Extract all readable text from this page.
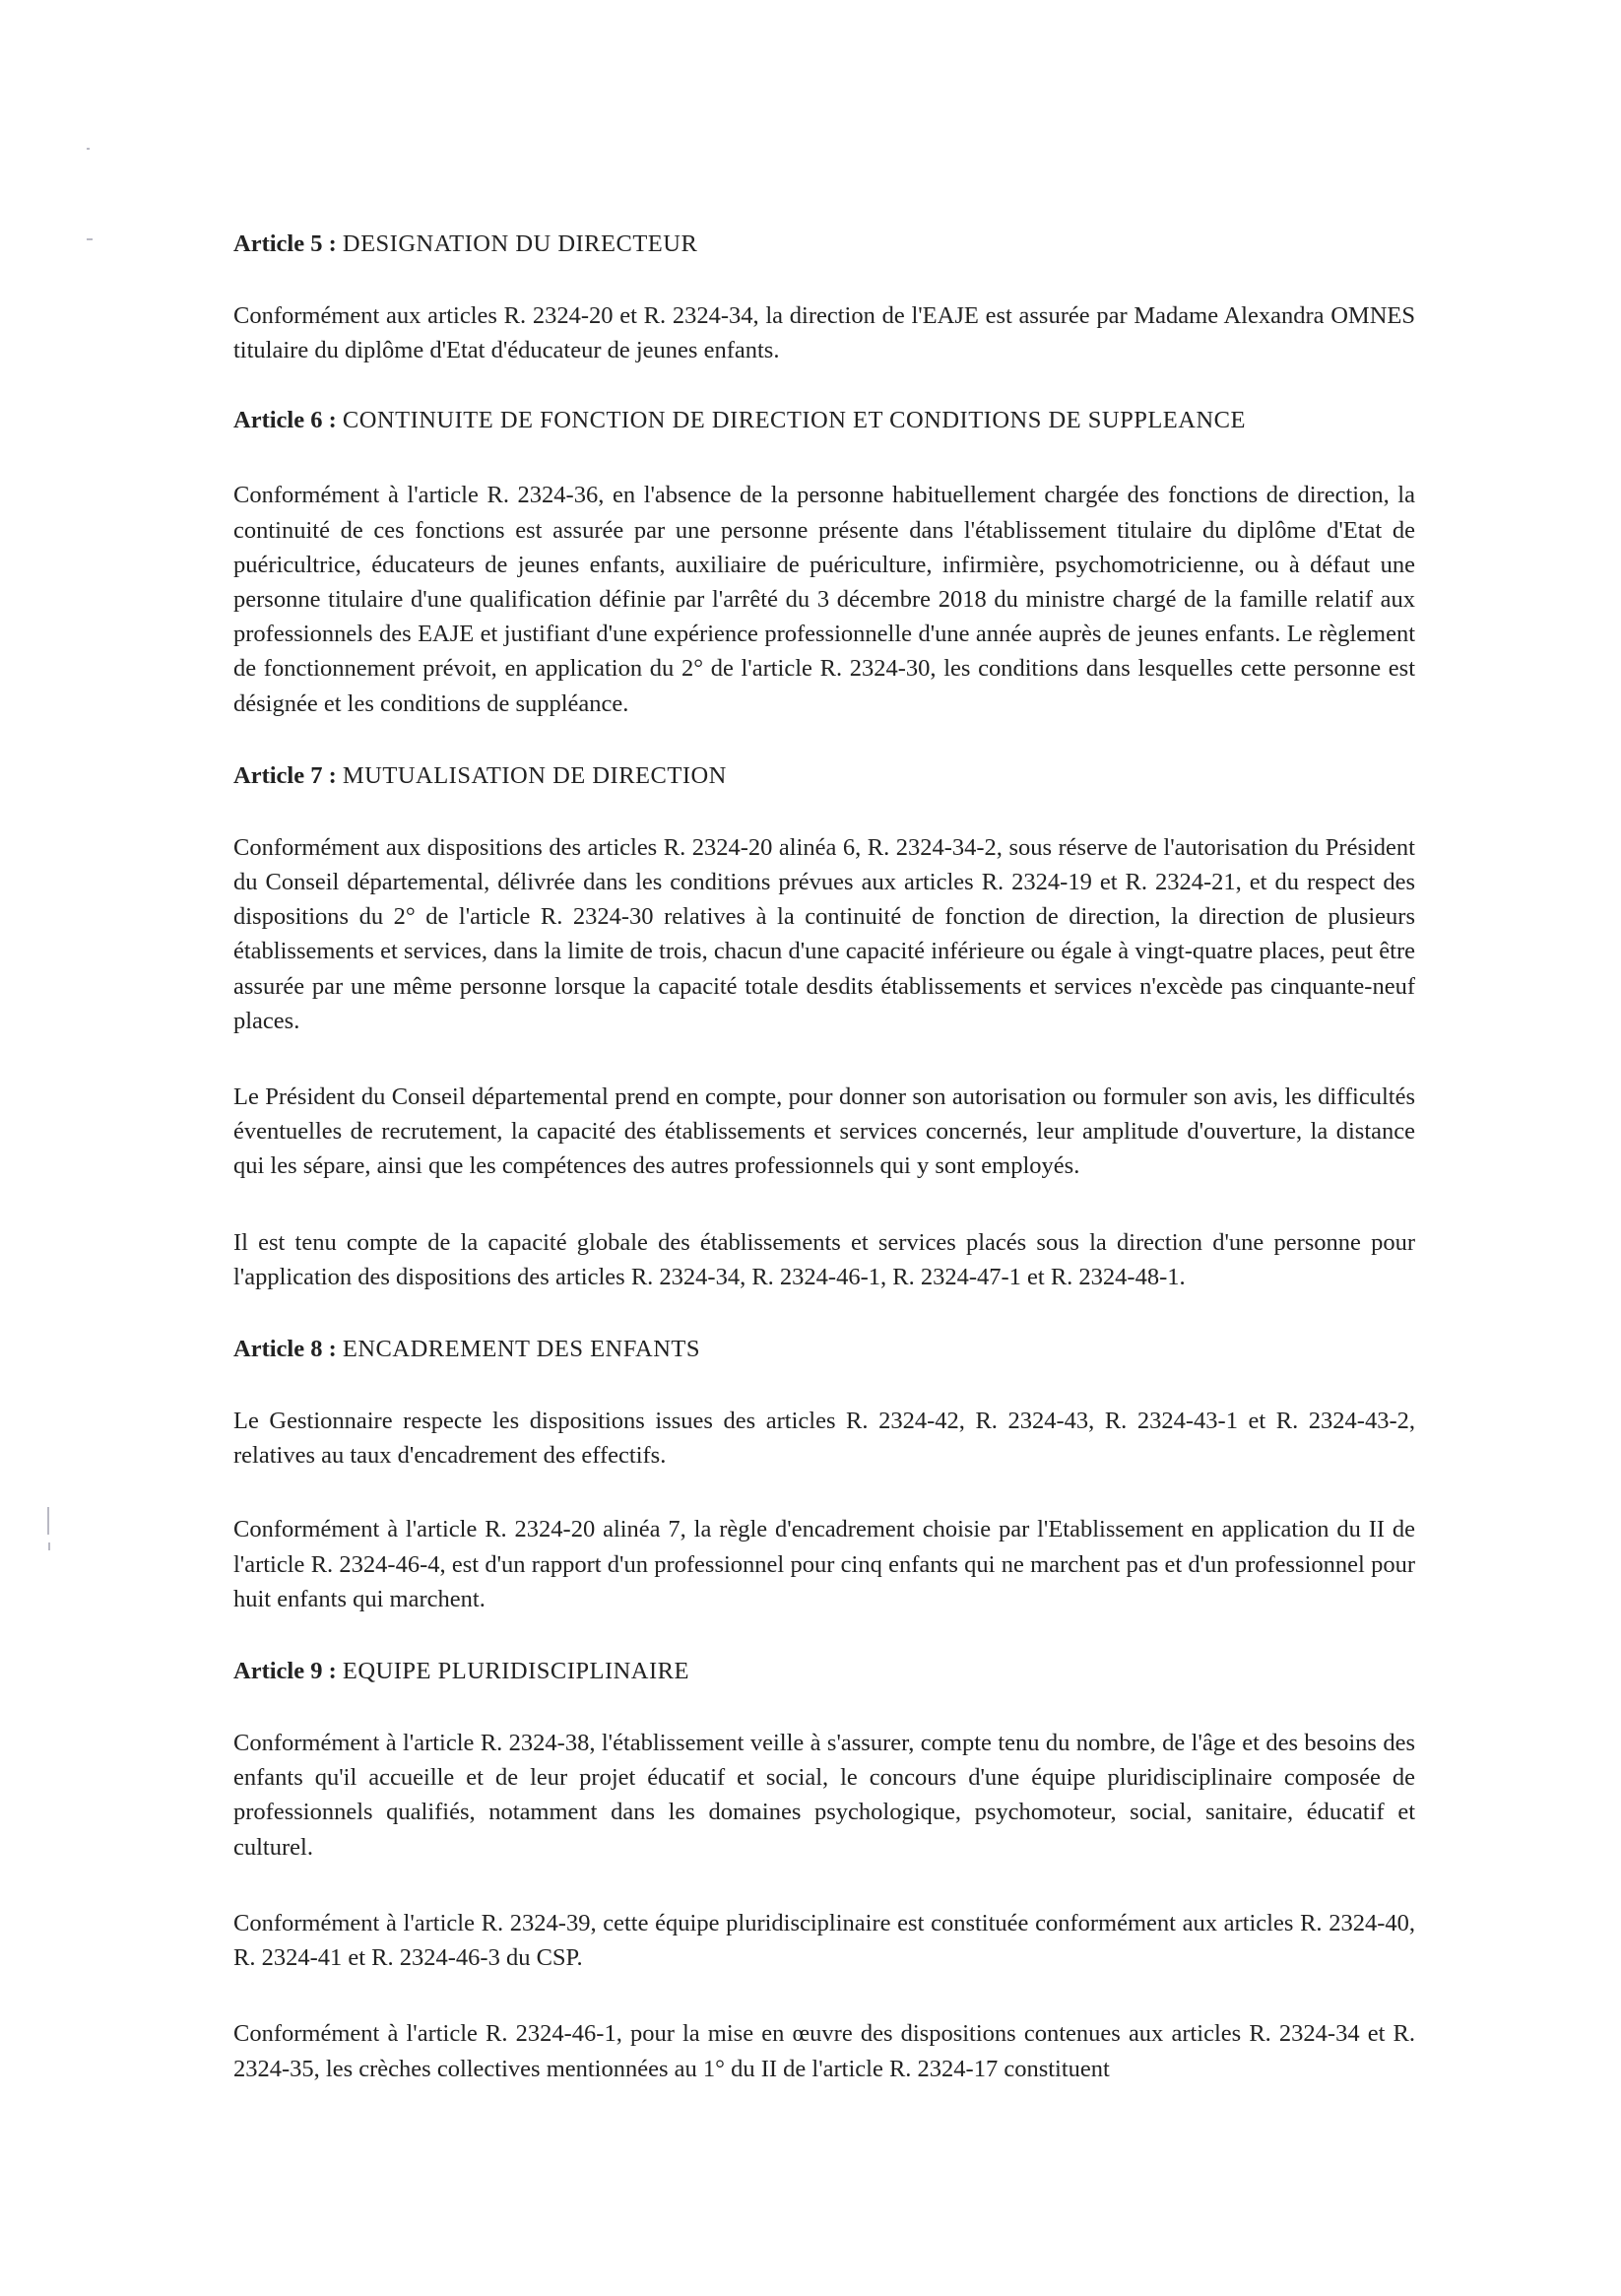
Article 5 : DESIGNATION DU DIRECTEUR

Conformément aux articles R. 2324-20 et R. 2324-34, la direction de l'EAJE est assurée par Madame Alexandra OMNES titulaire du diplôme d'Etat d'éducateur de jeunes enfants.

Article 6 : CONTINUITE DE FONCTION DE DIRECTION ET CONDITIONS DE SUPPLEANCE

Conformément à l'article R. 2324-36, en l'absence de la personne habituellement chargée des fonctions de direction, la continuité de ces fonctions est assurée par une personne présente dans l'établissement titulaire du diplôme d'Etat de puéricultrice, éducateurs de jeunes enfants, auxiliaire de puériculture, infirmière, psychomotricienne, ou à défaut une personne titulaire d'une qualification définie par l'arrêté du 3 décembre 2018 du ministre chargé de la famille relatif aux professionnels des EAJE et justifiant d'une expérience professionnelle d'une année auprès de jeunes enfants. Le règlement de fonctionnement prévoit, en application du 2° de l'article R. 2324-30, les conditions dans lesquelles cette personne est désignée et les conditions de suppléance.

Article 7 : MUTUALISATION DE DIRECTION

Conformément aux dispositions des articles R. 2324-20 alinéa 6, R. 2324-34-2, sous réserve de l'autorisation du Président du Conseil départemental, délivrée dans les conditions prévues aux articles R. 2324-19 et R. 2324-21, et du respect des dispositions du 2° de l'article R. 2324-30 relatives à la continuité de fonction de direction, la direction de plusieurs établissements et services, dans la limite de trois, chacun d'une capacité inférieure ou égale à vingt-quatre places, peut être assurée par une même personne lorsque la capacité totale desdits établissements et services n'excède pas cinquante-neuf places.

Le Président du Conseil départemental prend en compte, pour donner son autorisation ou formuler son avis, les difficultés éventuelles de recrutement, la capacité des établissements et services concernés, leur amplitude d'ouverture, la distance qui les sépare, ainsi que les compétences des autres professionnels qui y sont employés.

Il est tenu compte de la capacité globale des établissements et services placés sous la direction d'une personne pour l'application des dispositions des articles R. 2324-34, R. 2324-46-1, R. 2324-47-1 et R. 2324-48-1.

Article 8 : ENCADREMENT DES ENFANTS

Le Gestionnaire respecte les dispositions issues des articles R. 2324-42, R. 2324-43, R. 2324-43-1 et R. 2324-43-2, relatives au taux d'encadrement des effectifs.

Conformément à l'article R. 2324-20 alinéa 7, la règle d'encadrement choisie par l'Etablissement en application du II de l'article R. 2324-46-4, est d'un rapport d'un professionnel pour cinq enfants qui ne marchent pas et d'un professionnel pour huit enfants qui marchent.

Article 9 : EQUIPE PLURIDISCIPLINAIRE

Conformément à l'article R. 2324-38, l'établissement veille à s'assurer, compte tenu du nombre, de l'âge et des besoins des enfants qu'il accueille et de leur projet éducatif et social, le concours d'une équipe pluridisciplinaire composée de professionnels qualifiés, notamment dans les domaines psychologique, psychomoteur, social, sanitaire, éducatif et culturel.

Conformément à l'article R. 2324-39, cette équipe pluridisciplinaire est constituée conformément aux articles R. 2324-40, R. 2324-41 et R. 2324-46-3 du CSP.

Conformément à l'article R. 2324-46-1, pour la mise en œuvre des dispositions contenues aux articles R. 2324-34 et R. 2324-35, les crèches collectives mentionnées au 1° du II de l'article R. 2324-17 constituent
